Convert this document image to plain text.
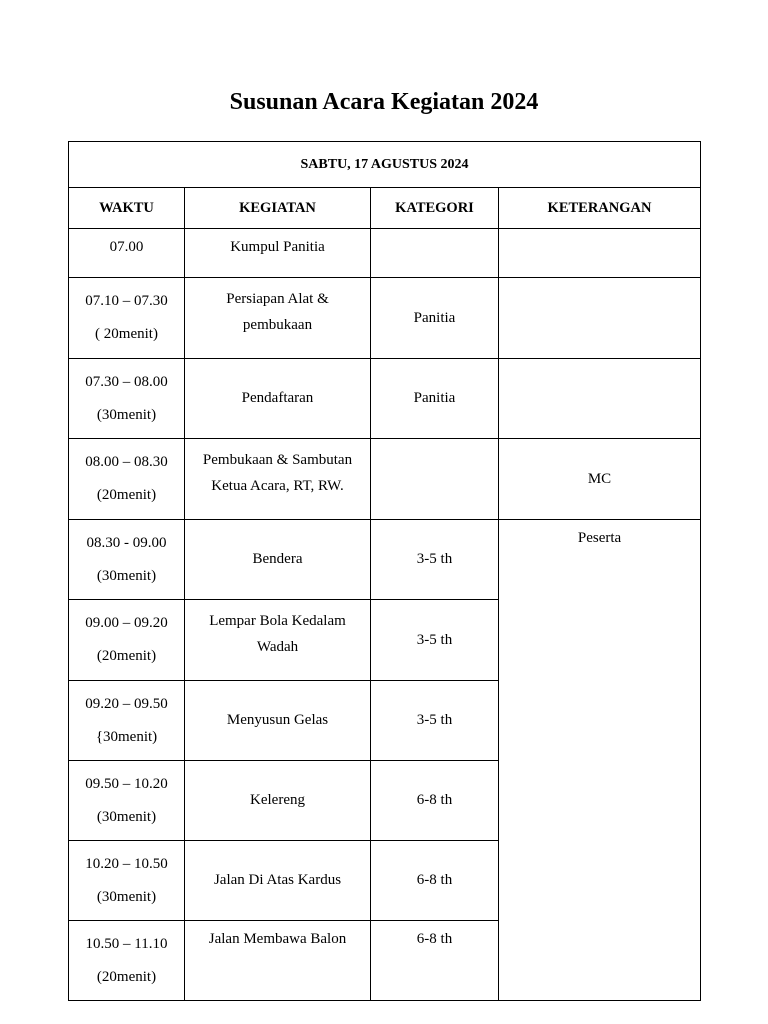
Susunan Acara Kegiatan 2024
SABTU, 17 AGUSTUS 2024			
WAKTU	KEGIATAN	KATEGORI	KETERANGAN
07.00	Kumpul Panitia		

07.10 – 07.30
( 20menit)	Persiapan Alat & pembukaan	Panitia	

07.30 – 08.00
(30menit)	Pendaftaran	Panitia	

08.00 – 08.30
(20menit)	Pembukaan & Sambutan Ketua Acara, RT, RW.		MC

08.30 - 09.00
(30menit)	Bendera	3-5 th	Peserta

09.00 – 09.20
(20menit)	Lempar Bola Kedalam Wadah	3-5 th	

09.20 – 09.50
{30menit)	Menyusun Gelas	3-5 th	

09.50 – 10.20
(30menit)	Kelereng	6-8 th	

10.20 – 10.50
(30menit)	Jalan Di Atas Kardus	6-8 th	

10.50 – 11.10
(20menit)	Jalan Membawa Balon	6-8 th	
